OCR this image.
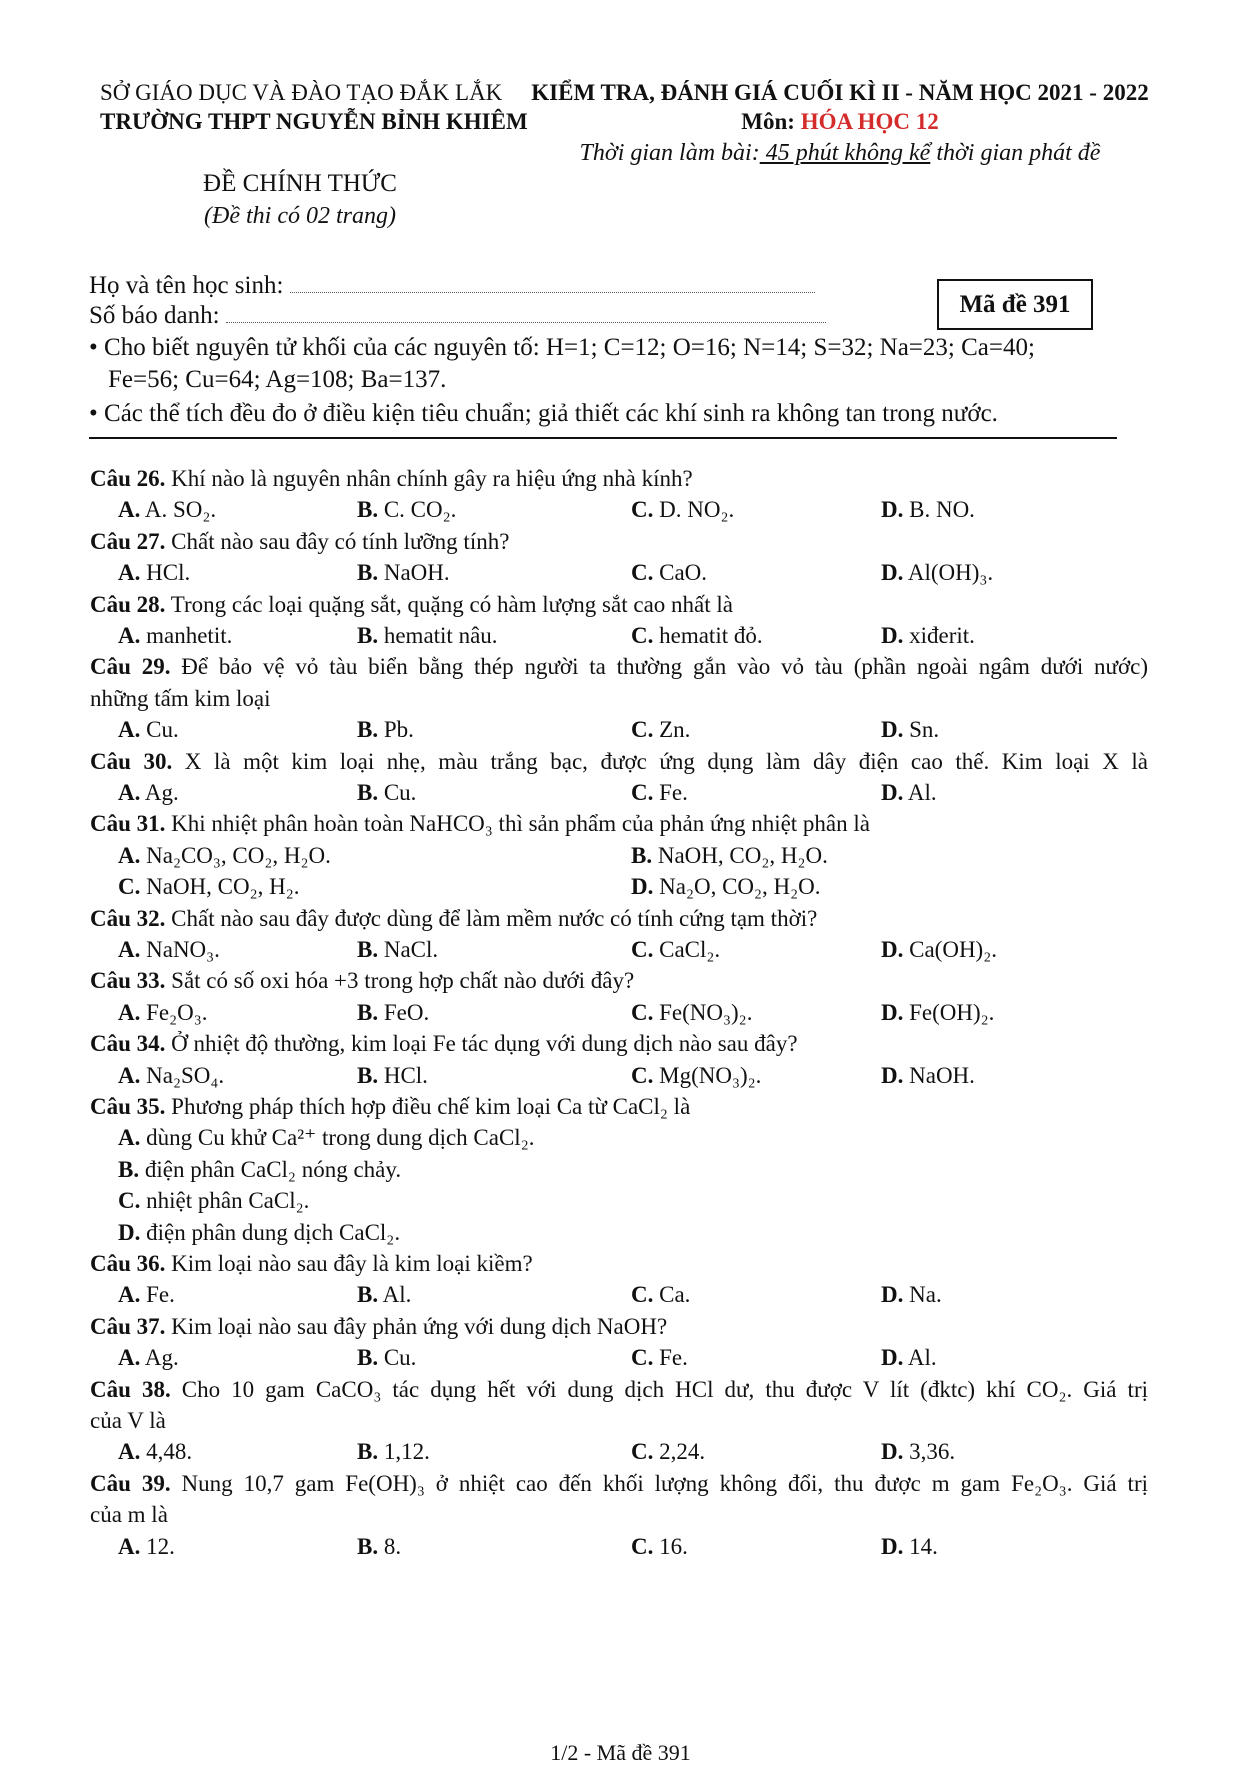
SỞ GIÁO DỤC VÀ ĐÀO TẠO ĐẮK LẮK
TRƯỜNG THPT NGUYỄN BỈNH KHIÊM
ĐỀ CHÍNH THỨC
(Đề thi có 02 trang)
KIỂM TRA, ĐÁNH GIÁ CUỐI KÌ II - NĂM HỌC 2021 - 2022
Môn: HÓA HỌC 12
Thời gian làm bài: 45 phút không kể thời gian phát đề
Họ và tên học sinh:
Số báo danh:	Mã đề 391
• Cho biết nguyên tử khối của các nguyên tố: H=1; C=12; O=16; N=14; S=32; Na=23; Ca=40;
Fe=56; Cu=64; Ag=108; Ba=137.
• Các thể tích đều đo ở điều kiện tiêu chuẩn; giả thiết các khí sinh ra không tan trong nước.
Câu 26. Khí nào là nguyên nhân chính gây ra hiệu ứng nhà kính?
A. A. SO₂.	B. C. CO₂.	C. D. NO₂.	D. B. NO.
Câu 27. Chất nào sau đây có tính lưỡng tính?
A. HCl.	B. NaOH.	C. CaO.	D. Al(OH)₃.
Câu 28. Trong các loại quặng sắt, quặng có hàm lượng sắt cao nhất là
A. manhetit.	B. hematit nâu.	C. hematit đỏ.	D. xiđerit.
Câu 29. Để bảo vệ vỏ tàu biển bằng thép người ta thường gắn vào vỏ tàu (phần ngoài ngâm dưới nước)
những tấm kim loại
A. Cu.	B. Pb.	C. Zn.	D. Sn.
Câu 30. X là một kim loại nhẹ, màu trắng bạc, được ứng dụng làm dây điện cao thế. Kim loại X là
A. Ag.	B. Cu.	C. Fe.	D. Al.
Câu 31. Khi nhiệt phân hoàn toàn NaHCO₃ thì sản phẩm của phản ứng nhiệt phân là
A. Na₂CO₃, CO₂, H₂O.	B. NaOH, CO₂, H₂O.
C. NaOH, CO₂, H₂.	D. Na₂O, CO₂, H₂O.
Câu 32. Chất nào sau đây được dùng để làm mềm nước có tính cứng tạm thời?
A. NaNO₃.	B. NaCl.	C. CaCl₂.	D. Ca(OH)₂.
Câu 33. Sắt có số oxi hóa +3 trong hợp chất nào dưới đây?
A. Fe₂O₃.	B. FeO.	C. Fe(NO₃)₂.	D. Fe(OH)₂.
Câu 34. Ở nhiệt độ thường, kim loại Fe tác dụng với dung dịch nào sau đây?
A. Na₂SO₄.	B. HCl.	C. Mg(NO₃)₂.	D. NaOH.
Câu 35. Phương pháp thích hợp điều chế kim loại Ca từ CaCl₂ là
A. dùng Cu khử Ca²⁺ trong dung dịch CaCl₂.
B. điện phân CaCl₂ nóng chảy.
C. nhiệt phân CaCl₂.
D. điện phân dung dịch CaCl₂.
Câu 36. Kim loại nào sau đây là kim loại kiềm?
A. Fe.	B. Al.	C. Ca.	D. Na.
Câu 37. Kim loại nào sau đây phản ứng với dung dịch NaOH?
A. Ag.	B. Cu.	C. Fe.	D. Al.
Câu 38. Cho 10 gam CaCO₃ tác dụng hết với dung dịch HCl dư, thu được V lít (đktc) khí CO₂. Giá trị
của V là
A. 4,48.	B. 1,12.	C. 2,24.	D. 3,36.
Câu 39. Nung 10,7 gam Fe(OH)₃ ở nhiệt cao đến khối lượng không đổi, thu được m gam Fe₂O₃. Giá trị
của m là
A. 12.	B. 8.	C. 16.	D. 14.
1/2 - Mã đề 391
